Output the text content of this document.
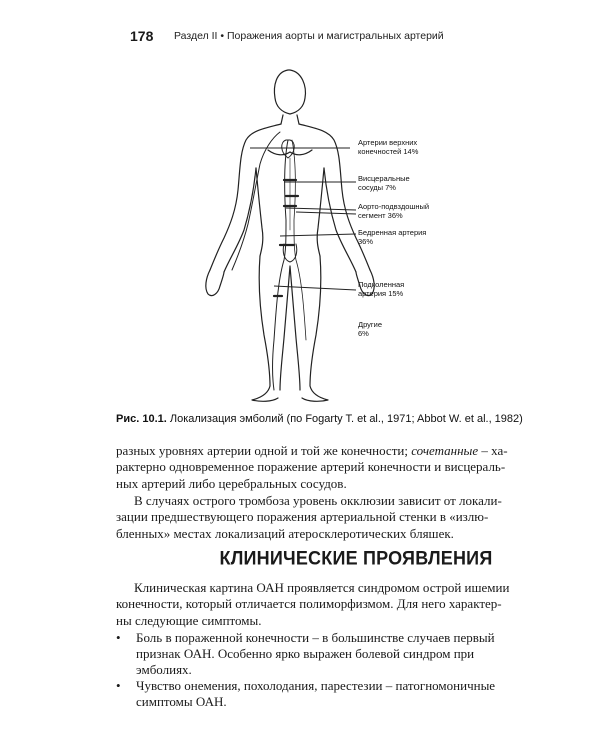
178 Раздел II • Поражения аорты и магистральных артерий
Артерии верхних
конечностей 14%
Висцеральные
сосуды 7%
Аорто-подвздошный
сегмент 36%
Бедренная артерия
36%
Подколенная
артерия 15%
Другие
6%
Рис. 10.1. Локализация эмболий (по Fogarty T. et al., 1971; Abbot W. et al., 1982)
разных уровнях артерии одной и той же конечности; сочетанные – ха-
рактерно одновременное поражение артерий конечности и висцераль-
ных артерий либо церебральных сосудов.
В случаях острого тромбоза уровень окклюзии зависит от локали-
зации предшествующего поражения артериальной стенки в «излю-
бленных» местах локализаций атеросклеротических бляшек.
КЛИНИЧЕСКИЕ ПРОЯВЛЕНИЯ
Клиническая картина ОАН проявляется синдромом острой ишемии
конечности, который отличается полиморфизмом. Для него характер-
ны следующие симптомы.
• Боль в пораженной конечности – в большинстве случаев первый
признак ОАН. Особенно ярко выражен болевой синдром при
эмболиях.
• Чувство онемения, похолодания, парестезии – патогномоничные
симптомы ОАН.
